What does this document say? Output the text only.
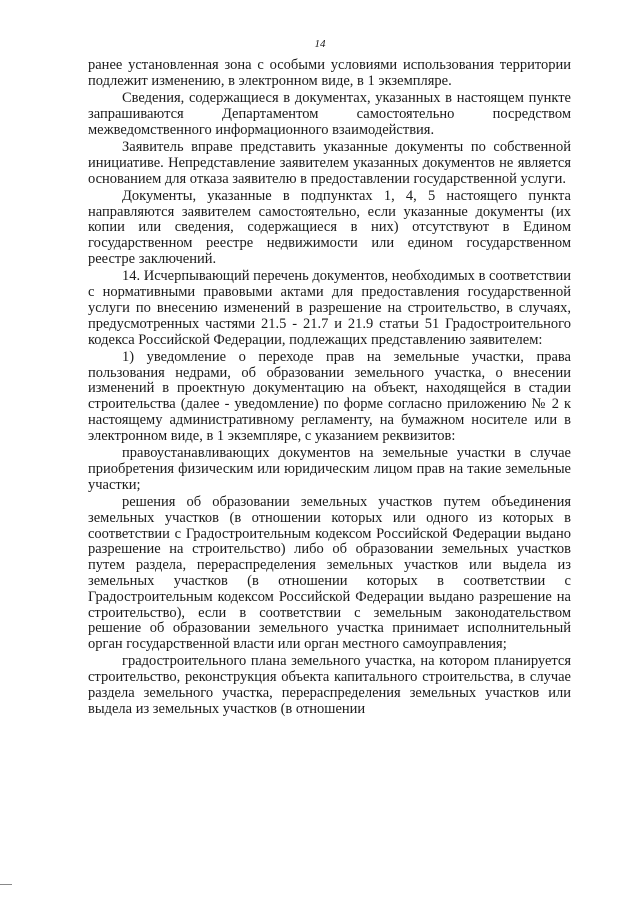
14

ранее установленная зона с особыми условиями использования территории подлежит изменению, в электронном виде, в 1 экземпляре.

Сведения, содержащиеся в документах, указанных в настоящем пункте запрашиваются Департаментом самостоятельно посредством межведомственного информационного взаимодействия.

Заявитель вправе представить указанные документы по собственной инициативе. Непредставление заявителем указанных документов не является основанием для отказа заявителю в предоставлении государственной услуги.

Документы, указанные в подпунктах 1, 4, 5 настоящего пункта направляются заявителем самостоятельно, если указанные документы (их копии или сведения, содержащиеся в них) отсутствуют в Едином государственном реестре недвижимости или едином государственном реестре заключений.

14. Исчерпывающий перечень документов, необходимых в соответствии с нормативными правовыми актами для предоставления государственной услуги по внесению изменений в разрешение на строительство, в случаях, предусмотренных частями 21.5 - 21.7 и 21.9 статьи 51 Градостроительного кодекса Российской Федерации, подлежащих представлению заявителем:

1) уведомление о переходе прав на земельные участки, права пользования недрами, об образовании земельного участка, о внесении изменений в проектную документацию на объект, находящейся в стадии строительства (далее - уведомление) по форме согласно приложению № 2 к настоящему административному регламенту, на бумажном носителе или в электронном виде, в 1 экземпляре, с указанием реквизитов:

правоустанавливающих документов на земельные участки в случае приобретения физическим или юридическим лицом прав на такие земельные участки;

решения об образовании земельных участков путем объединения земельных участков (в отношении которых или одного из которых в соответствии с Градостроительным кодексом Российской Федерации выдано разрешение на строительство) либо об образовании земельных участков путем раздела, перераспределения земельных участков или выдела из земельных участков (в отношении которых в соответствии с Градостроительным кодексом Российской Федерации выдано разрешение на строительство), если в соответствии с земельным законодательством решение об образовании земельного участка принимает исполнительный орган государственной власти или орган местного самоуправления;

градостроительного плана земельного участка, на котором планируется строительство, реконструкция объекта капитального строительства, в случае раздела земельного участка, перераспределения земельных участков или выдела из земельных участков (в отношении
